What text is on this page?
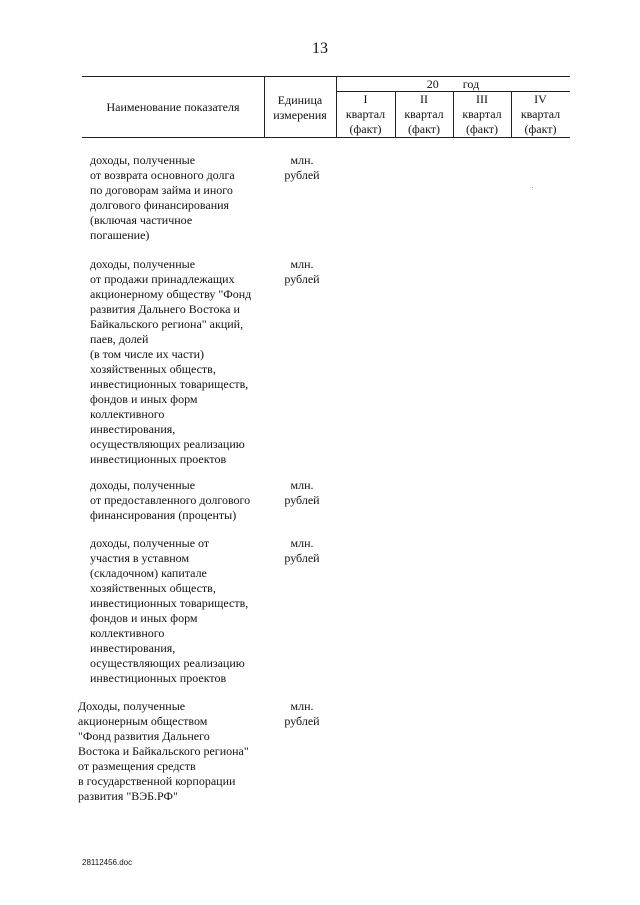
13
Наименование показателя	Единица
измерения
20 год
I
квартал
(факт)
II
квартал
(факт)
III
квартал
(факт)
IV
квартал
(факт)
доходы, полученные
от возврата основного долга
по договорам займа и иного
долгового финансирования
(включая частичное
погашение)
млн.
рублей
доходы, полученные
от продажи принадлежащих
акционерному обществу "Фонд
развития Дальнего Востока и
Байкальского региона" акций,
паев, долей
(в том числе их части)
хозяйственных обществ,
инвестиционных товариществ,
фондов и иных форм
коллективного
инвестирования,
осуществляющих реализацию
инвестиционных проектов
млн.
рублей
доходы, полученные
от предоставленного долгового
финансирования (проценты)
млн.
рублей
доходы, полученные от
участия в уставном
(складочном) капитале
хозяйственных обществ,
инвестиционных товариществ,
фондов и иных форм
коллективного
инвестирования,
осуществляющих реализацию
инвестиционных проектов
млн.
рублей
Доходы, полученные
акционерным обществом
"Фонд развития Дальнего
Востока и Байкальского региона"
от размещения средств
в государственной корпорации
развития "ВЭБ.РФ"
млн.
рублей
28112456.doc
